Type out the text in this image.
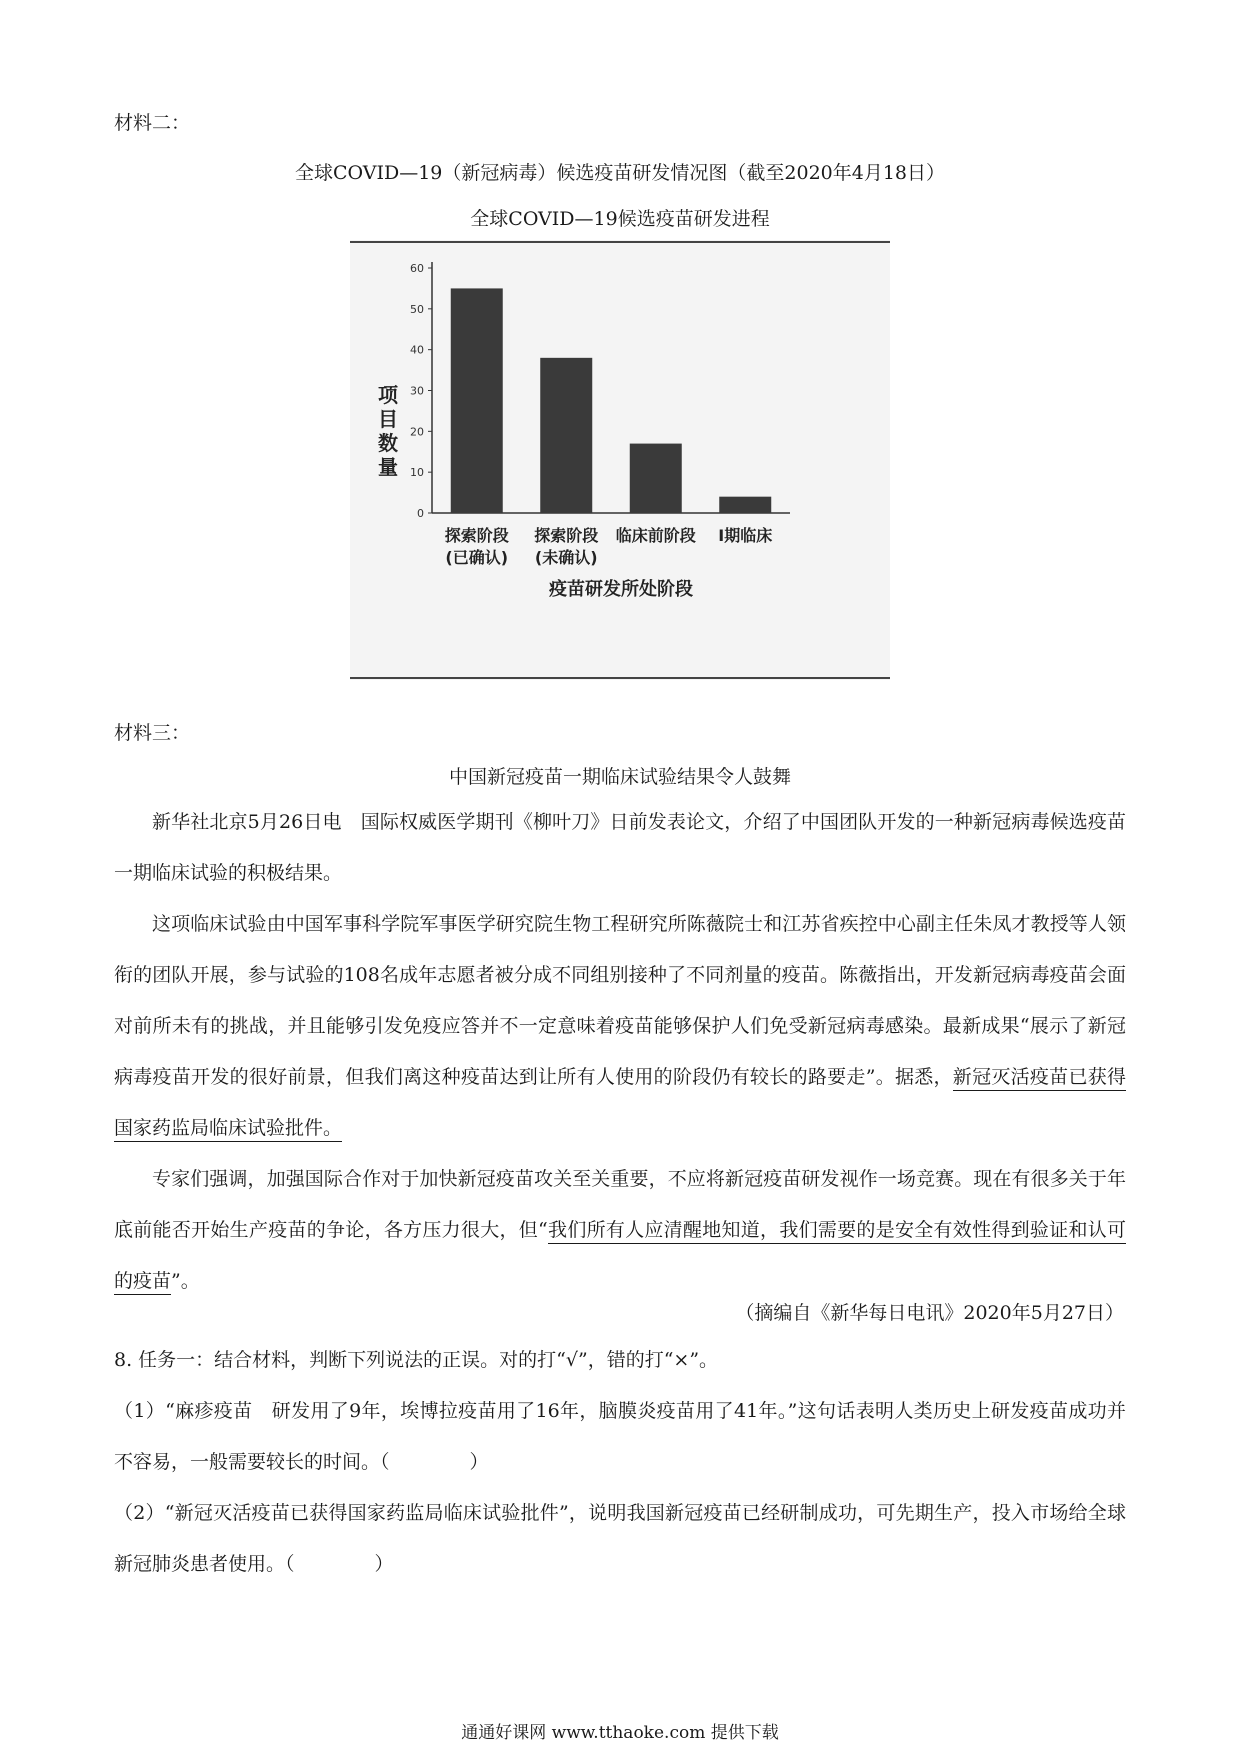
材料二：
全球COVID—19（新冠病毒）候选疫苗研发情况图（截至2020年4月18日）
全球COVID—19候选疫苗研发进程
0
10
20
30
40
50
60
探索阶段
(已确认)
探索阶段
(未确认)
临床前阶段 I期临床
项
目
数
量
疫苗研发所处阶段
材料三：
中国新冠疫苗一期临床试验结果令人鼓舞
新华社北京5月26日电　国际权威医学期刊《柳叶刀》日前发表论文，介绍了中国团队开发的一种新冠病毒候选疫苗一期临床试验的积极结果。
这项临床试验由中国军事科学院军事医学研究院生物工程研究所陈薇院士和江苏省疾控中心副主任朱凤才教授等人领衔的团队开展，参与试验的108名成年志愿者被分成不同组别接种了不同剂量的疫苗。陈薇指出，开发新冠病毒疫苗会面对前所未有的挑战，并且能够引发免疫应答并不一定意味着疫苗能够保护人们免受新冠病毒感染。最新成果“展示了新冠病毒疫苗开发的很好前景，但我们离这种疫苗达到让所有人使用的阶段仍有较长的路要走”。据悉，新冠灭活疫苗已获得国家药监局临床试验批件。
专家们强调，加强国际合作对于加快新冠疫苗攻关至关重要，不应将新冠疫苗研发视作一场竞赛。现在有很多关于年底前能否开始生产疫苗的争论，各方压力很大，但“我们所有人应清醒地知道，我们需要的是安全有效性得到验证和认可的疫苗”。
（摘编自《新华每日电讯》2020年5月27日）
8. 任务一：结合材料，判断下列说法的正误。对的打“√”，错的打“×”。
（1）“麻疹疫苗　研发用了9年，埃博拉疫苗用了16年，脑膜炎疫苗用了41年。”这句话表明人类历史上研发疫苗成功并不容易，一般需要较长的时间。（	）
（2）“新冠灭活疫苗已获得国家药监局临床试验批件”，说明我国新冠疫苗已经研制成功，可先期生产，投入市场给全球新冠肺炎患者使用。（	）
通通好课网 www.tthaoke.com 提供下载
